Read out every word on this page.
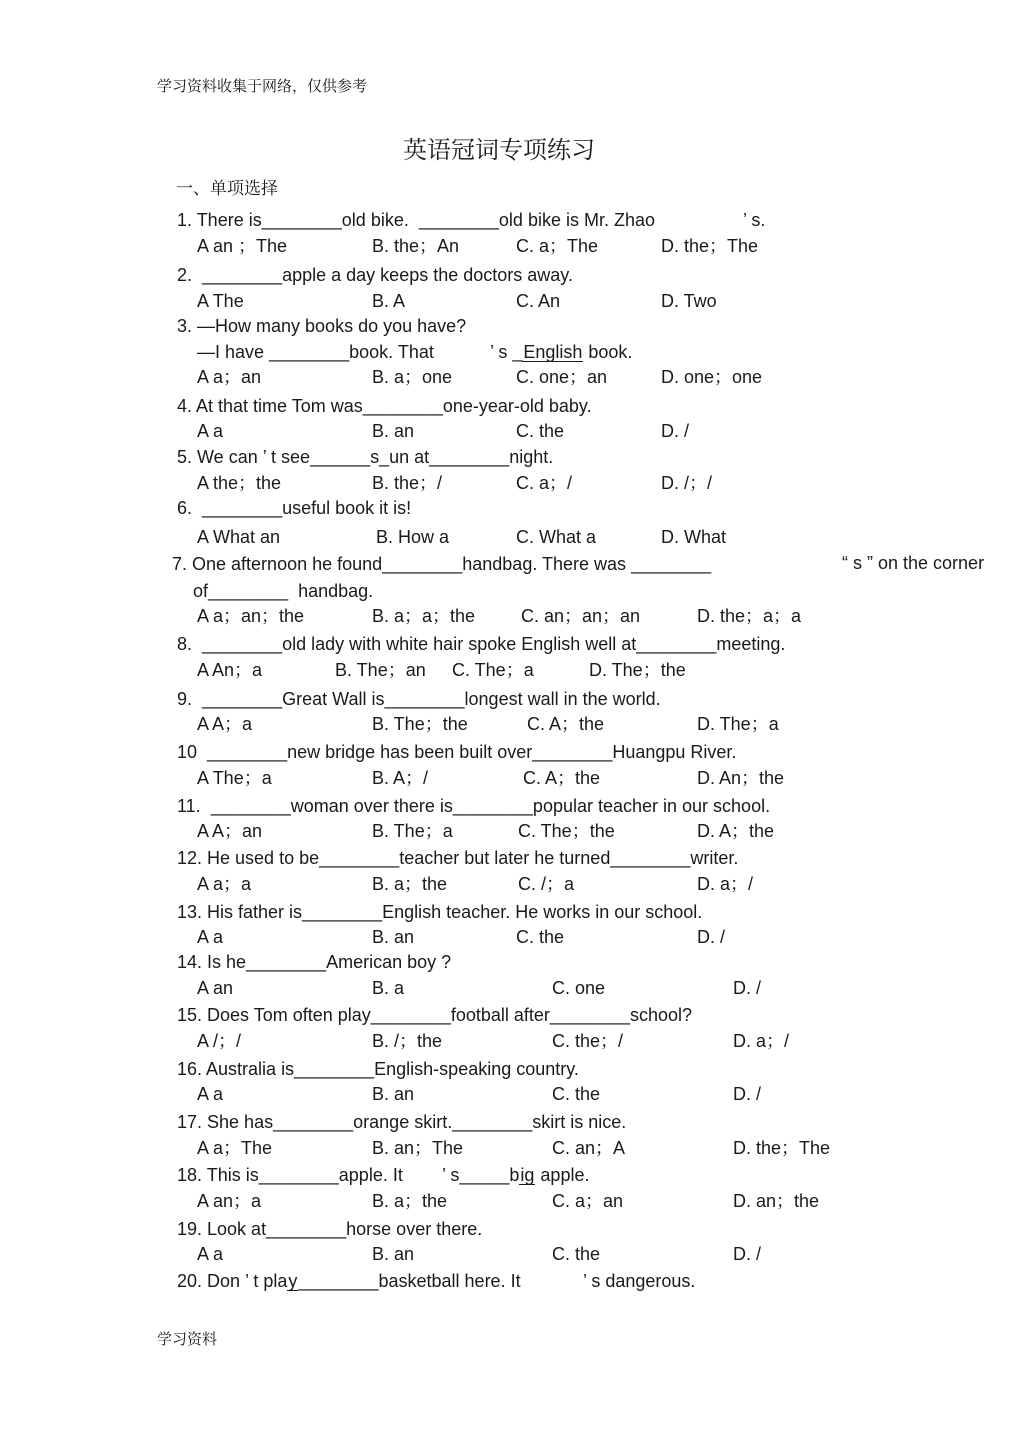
学习资料收集于网络，仅供参考
英语冠词专项练习
一、单项选择
1. There is________old bike.  ________old bike is Mr. Zhao	’ s.
A an ；The	B. the；An	C. a；The	D. the；The
2.  ________apple a day keeps the doctors away.
A The	B. A	C. An	D. Two
3. —How many books do you have?
—I have ________book. That	’ s _English book.
A a；an	B. a；one	C. one；an	D. one；one
4. At that time Tom was________one-year-old baby.
A a	B. an	C. the	D. /
5. We can ’ t see______s_un at________night.
A the；the	B. the；/	C. a；/	D. /；/
6.  ________useful book it is!
A What an	B. How a	C. What a	D. What
7. One afternoon he found________handbag. There was ________	“ s ” on the corner
of________  handbag.
A a；an；the	B. a；a；the	C. an；an；an	D. the；a；a
8.  ________old lady with white hair spoke English well at________meeting.
A An；a	B. The；an C. The；a	D. The；the
9.  ________Great Wall is________longest wall in the world.
A A；a	B. The；the	C. A；the	D. The；a
10  ________new bridge has been built over________Huangpu River.
A The；a	B. A；/	C. A；the	D. An；the
11.  ________woman over there is________popular teacher in our school.
A A；an	B. The；a	C. The；the	D. A；the
12. He used to be________teacher but later he turned________writer.
A a；a	B. a；the	C. /；a	D. a；/
13. His father is________English teacher. He works in our school.
A a	B. an	C. the	D. /
14. Is he________American boy ?
A an	B. a	C. one	D. /
15. Does Tom often play________football after________school?
A /；/	B. /；the	C. the；/	D. a；/
16. Australia is________English-speaking country.
A a	B. an	C. the	D. /
17. She has________orange skirt.________skirt is nice.
A a；The	B. an；The	C. an；A	D. the；The
18. This is________apple. It ’ s_____big apple.
A an；a	B. a；the	C. a；an	D. an；the
19. Look at________horse over there.
A a	B. an	C. the	D. /
20. Don ’ t play________basketball here. It	’ s dangerous.
学习资料
